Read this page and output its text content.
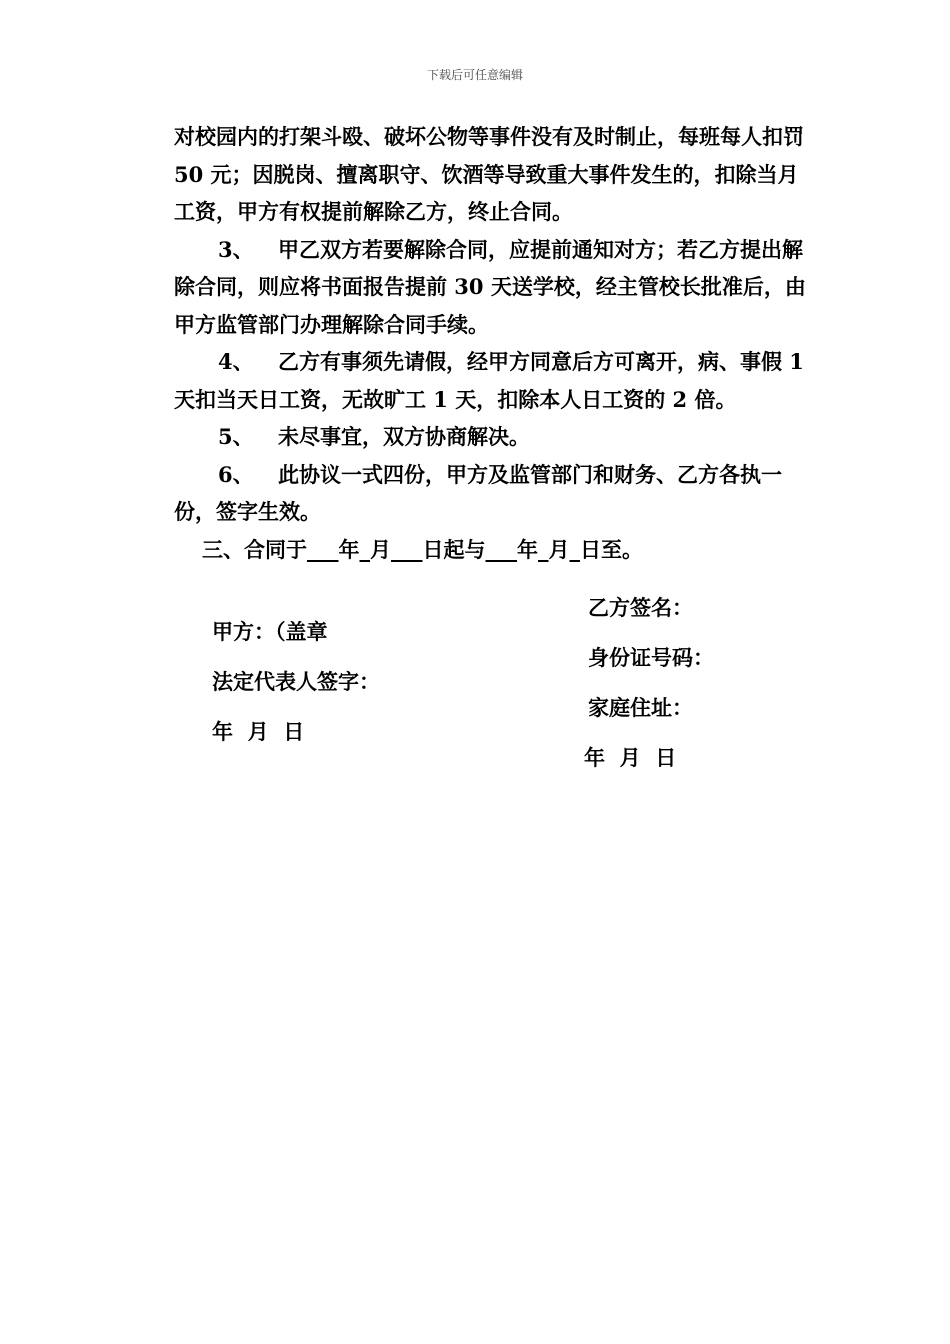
下载后可任意编辑

对校园内的打架斗殴、破坏公物等事件没有及时制止，每班每人扣罚 50 元；因脱岗、擅离职守、饮酒等导致重大事件发生的，扣除当月工资，甲方有权提前解除乙方，终止合同。

3、 甲乙双方若要解除合同，应提前通知对方；若乙方提出解除合同，则应将书面报告提前 30 天送学校，经主管校长批准后，由甲方监管部门办理解除合同手续。

4、 乙方有事须先请假，经甲方同意后方可离开，病、事假 1 天扣当天日工资，无故旷工 1 天，扣除本人日工资的 2 倍。

5、 未尽事宜，双方协商解决。

6、 此协议一式四份，甲方及监管部门和财务、乙方各执一份，签字生效。

三、合同于___年_月___日起与___年_月_日至。

甲方：（盖章
法定代表人签字：
年  月  日
乙方签名：
身份证号码：
家庭住址：
年  月  日
